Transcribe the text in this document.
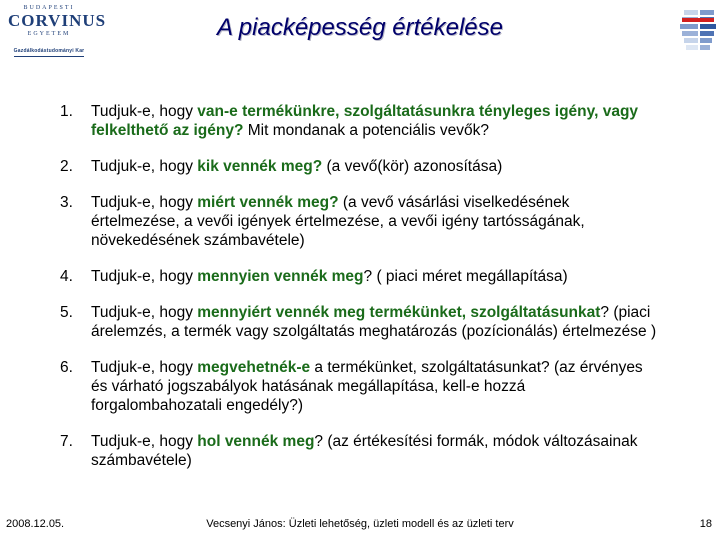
BUDAPESTI
CORVINUS
EGYETEM
Gazdálkodástudományi Kar
A piacképesség értékelése
1.	Tudjuk-e, hogy van-e termékünkre, szolgáltatásunkra tényleges igény, vagy felkelthető az igény? Mit mondanak a potenciális vevők?
2.	Tudjuk-e, hogy kik vennék meg? (a vevő(kör) azonosítása)
3.	Tudjuk-e, hogy miért vennék meg? (a vevő vásárlási viselkedésének értelmezése, a vevői igények értelmezése, a vevői igény tartósságának, növekedésének számbavétele)
4.	Tudjuk-e, hogy mennyien vennék meg? ( piaci méret megállapítása)
5.	Tudjuk-e, hogy mennyiért vennék meg termékünket, szolgáltatásunkat? (piaci árelemzés, a termék vagy szolgáltatás meghatározás (pozícionálás) értelmezése )
6.	Tudjuk-e, hogy megvehetnék-e a termékünket, szolgáltatásunkat? (az érvényes és várható jogszabályok hatásának megállapítása, kell-e hozzá forgalombahozatali engedély?)
7.	Tudjuk-e, hogy hol vennék meg? (az értékesítési formák, módok változásainak számbavétele)
2008.12.05.	Vecsenyi János: Üzleti lehetőség, üzleti modell és az üzleti terv	18
